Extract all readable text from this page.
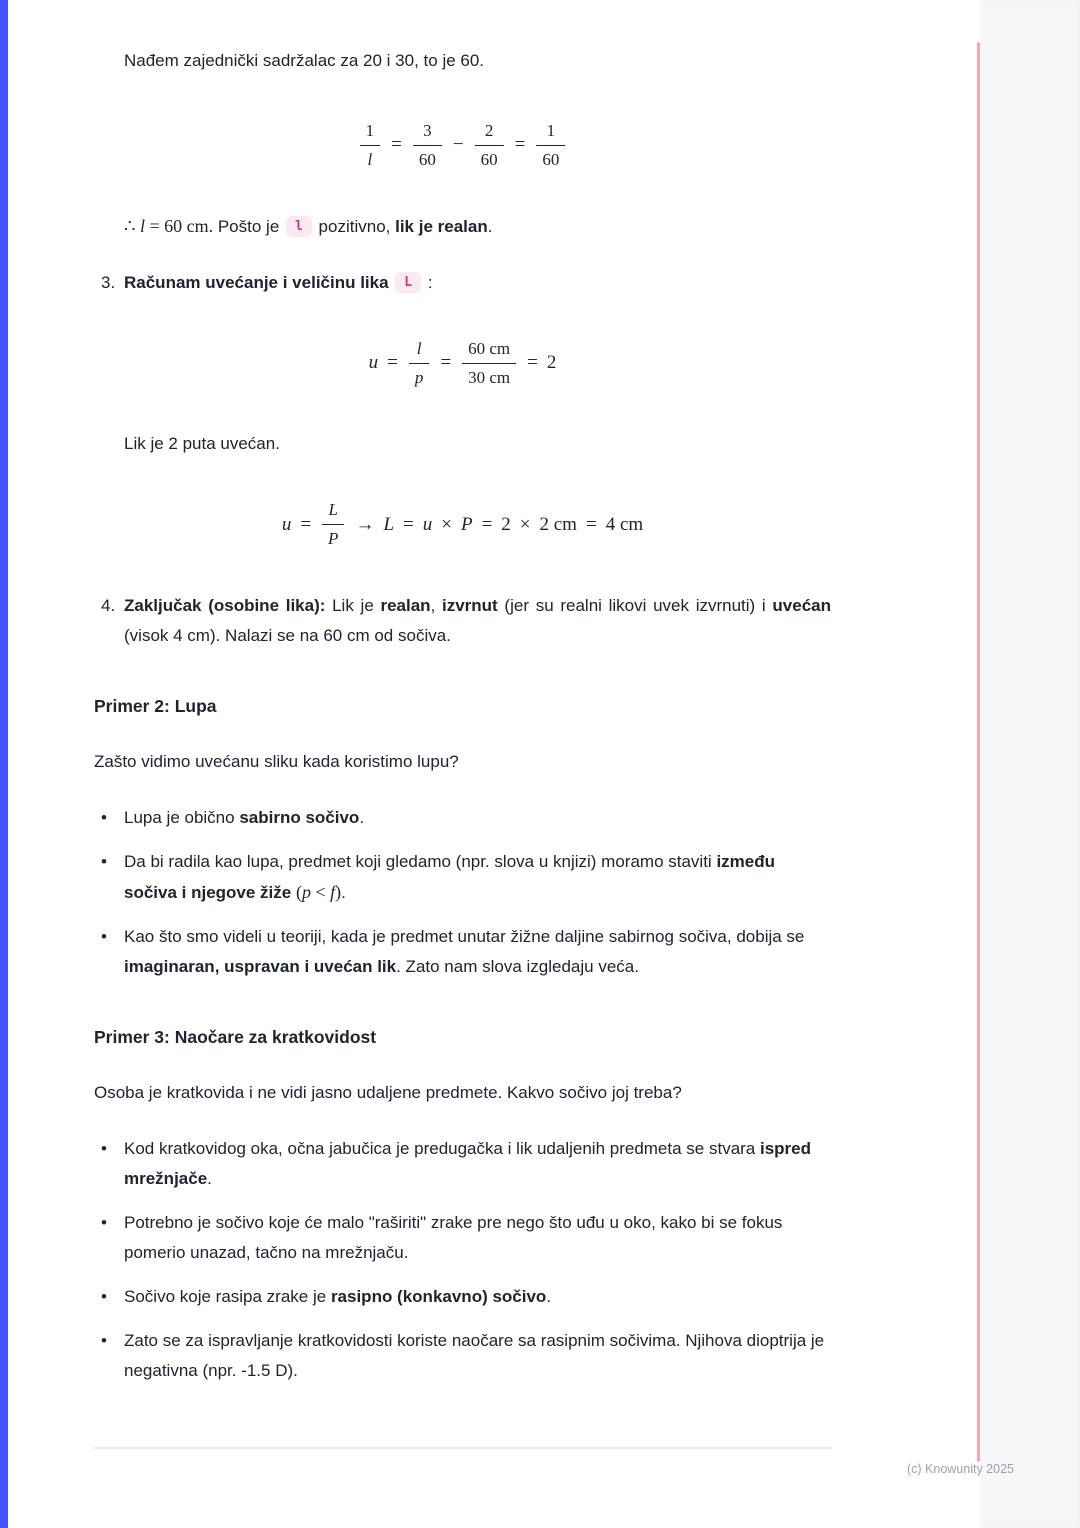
Nađem zajednički sadržalac za 20 i 30, to je 60.

$\frac{1}{l} = \frac{3}{60} - \frac{2}{60} = \frac{1}{60}$

∴ l = 60 cm. Pošto je l pozitivno, lik je realan.

3. Računam uvećanje i veličinu lika L :
$u = \frac{l}{p} = \frac{60 cm}{30 cm} = 2$

Lik je 2 puta uvećan.

$u = \frac{L}{P} \to L = u \times P = 2 \times 2$ cm = 4 cm
4. Zaključak (osobine lika): Lik je realan, izvrnut (jer su realni likovi uvek izvrnuti) i uvećan (visok 4 cm). Nalazi se na 60 cm od sočiva.
Primer 2: Lupa

Zašto vidimo uvećanu sliku kada koristimo lupu?

•	Lupa je obično sabirno sočivo.
•	Da bi radila kao lupa, predmet koji gledamo (npr. slova u knjizi) moramo staviti između sočiva i njegove žiže (p < f).
•	Kao što smo videli u teoriji, kada je predmet unutar žižne daljine sabirnog sočiva, dobija se imaginaran, uspravan i uvećan lik. Zato nam slova izgledaju veća.
Primer 3: Naočare za kratkovidost

Osoba je kratkovida i ne vidi jasno udaljene predmete. Kakvo sočivo joj treba?

•	Kod kratkovidog oka, očna jabučica je predugačka i lik udaljenih predmeta se stvara ispred mrežnjače.
•	Potrebno je sočivo koje će malo "raširiti" zrake pre nego što uđu u oko, kako bi se fokus pomerio unazad, tačno na mrežnjaču.
•	Sočivo koje rasipa zrake je rasipno (konkavno) sočivo.
•	Zato se za ispravljanje kratkovidosti koriste naočare sa rasipnim sočivima. Njihova dioptrija je negativna (npr. -1.5 D).
(c) Knowunity 2025
